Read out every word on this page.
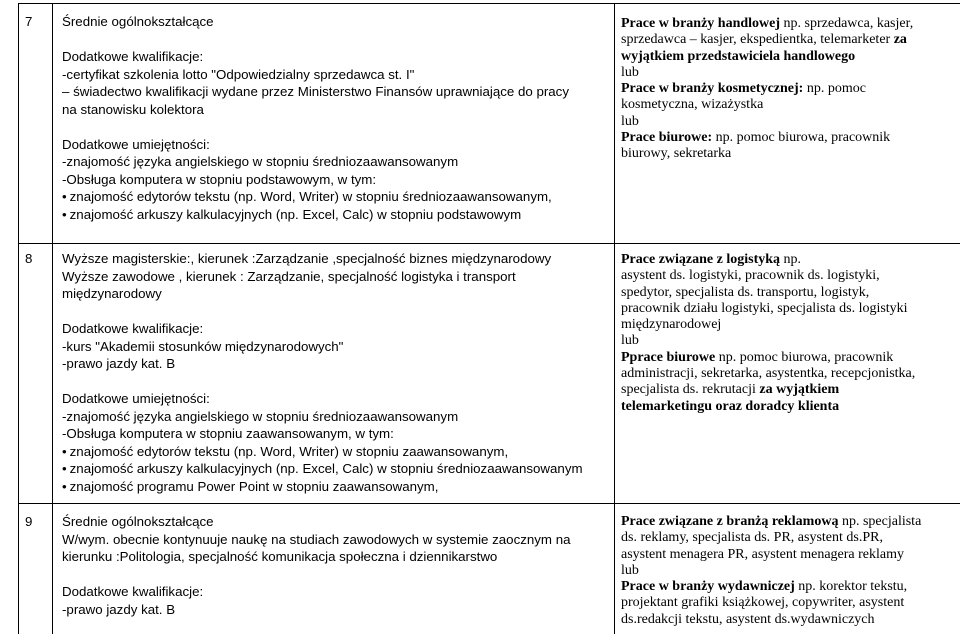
7 Średnie ogólnokształcące
Dodatkowe kwalifikacje:
-certyfikat szkolenia lotto "Odpowiedzialny sprzedawca st. I"
– świadectwo kwalifikacji wydane przez Ministerstwo Finansów uprawniające do pracy
na stanowisku kolektora
Dodatkowe umiejętności:
-znajomość języka angielskiego w stopniu średniozaawansowanym
-Obsługa komputera w stopniu podstawowym, w tym:
• znajomość edytorów tekstu (np. Word, Writer) w stopniu średniozaawansowanym,
• znajomość arkuszy kalkulacyjnych (np. Excel, Calc) w stopniu podstawowym
Prace w branży handlowej np. sprzedawca, kasjer,
sprzedawca – kasjer, ekspedientka, telemarketer za
wyjątkiem przedstawiciela handlowego
lub
Prace w branży kosmetycznej: np. pomoc
kosmetyczna, wizażystka
lub
Prace biurowe: np. pomoc biurowa, pracownik
biurowy, sekretarka
8 Wyższe magisterskie:, kierunek :Zarządzanie ,specjalność biznes międzynarodowy
Wyższe zawodowe , kierunek : Zarządzanie, specjalność logistyka i transport
międzynarodowy
Dodatkowe kwalifikacje:
-kurs "Akademii stosunków międzynarodowych"
-prawo jazdy kat. B
Dodatkowe umiejętności:
-znajomość języka angielskiego w stopniu średniozaawansowanym
-Obsługa komputera w stopniu zaawansowanym, w tym:
• znajomość edytorów tekstu (np. Word, Writer) w stopniu zaawansowanym,
• znajomość arkuszy kalkulacyjnych (np. Excel, Calc) w stopniu średniozaawansowanym
• znajomość programu Power Point w stopniu zaawansowanym,
Prace związane z logistyką np.
asystent ds. logistyki, pracownik ds. logistyki,
spedytor, specjalista ds. transportu, logistyk,
pracownik działu logistyki, specjalista ds. logistyki
międzynarodowej
lub
Pprace biurowe np. pomoc biurowa, pracownik
administracji, sekretarka, asystentka, recepcjonistka,
specjalista ds. rekrutacji za wyjątkiem
telemarketingu oraz doradcy klienta
9 Średnie ogólnokształcące
W/wym. obecnie kontynuuje naukę na studiach zawodowych w systemie zaocznym na
kierunku :Politologia, specjalność komunikacja społeczna i dziennikarstwo
Dodatkowe kwalifikacje:
-prawo jazdy kat. B
Prace związane z branżą reklamową np. specjalista
ds. reklamy, specjalista ds. PR, asystent ds.PR,
asystent menagera PR, asystent menagera reklamy
lub
Prace w branży wydawniczej np. korektor tekstu,
projektant grafiki książkowej, copywriter, asystent
ds.redakcji tekstu, asystent ds.wydawniczych
